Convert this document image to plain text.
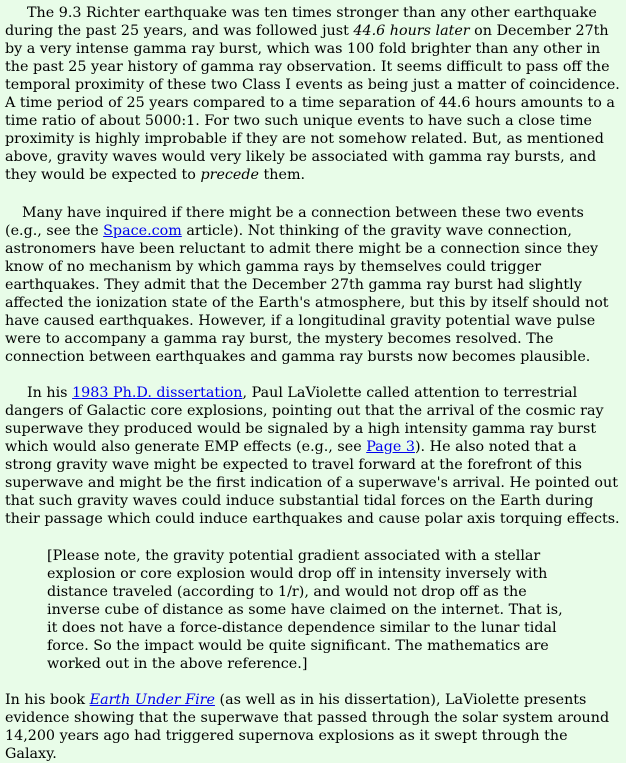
The 9.3 Richter earthquake was ten times stronger than any other earthquake during the past 25 years, and was followed just 44.6 hours later on December 27th by a very intense gamma ray burst, which was 100 fold brighter than any other in the past 25 year history of gamma ray observation. It seems difficult to pass off the temporal proximity of these two Class I events as being just a matter of coincidence. A time period of 25 years compared to a time separation of 44.6 hours amounts to a time ratio of about 5000:1. For two such unique events to have such a close time proximity is highly improbable if they are not somehow related. But, as mentioned above, gravity waves would very likely be associated with gamma ray bursts, and they would be expected to precede them.

Many have inquired if there might be a connection between these two events (e.g., see the Space.com article). Not thinking of the gravity wave connection, astronomers have been reluctant to admit there might be a connection since they know of no mechanism by which gamma rays by themselves could trigger earthquakes. They admit that the December 27th gamma ray burst had slightly affected the ionization state of the Earth's atmosphere, but this by itself should not have caused earthquakes. However, if a longitudinal gravity potential wave pulse were to accompany a gamma ray burst, the mystery becomes resolved. The connection between earthquakes and gamma ray bursts now becomes plausible.

In his 1983 Ph.D. dissertation, Paul LaViolette called attention to terrestrial dangers of Galactic core explosions, pointing out that the arrival of the cosmic ray superwave they produced would be signaled by a high intensity gamma ray burst which would also generate EMP effects (e.g., see Page 3). He also noted that a strong gravity wave might be expected to travel forward at the forefront of this superwave and might be the first indication of a superwave's arrival. He pointed out that such gravity waves could induce substantial tidal forces on the Earth during their passage which could induce earthquakes and cause polar axis torquing effects.

[Please note, the gravity potential gradient associated with a stellar explosion or core explosion would drop off in intensity inversely with distance traveled (according to 1/r), and would not drop off as the inverse cube of distance as some have claimed on the internet. That is, it does not have a force-distance dependence similar to the lunar tidal force. So the impact would be quite significant. The mathematics are worked out in the above reference.]

In his book Earth Under Fire (as well as in his dissertation), LaViolette presents evidence showing that the superwave that passed through the solar system around 14,200 years ago had triggered supernova explosions as it swept through the Galaxy.
